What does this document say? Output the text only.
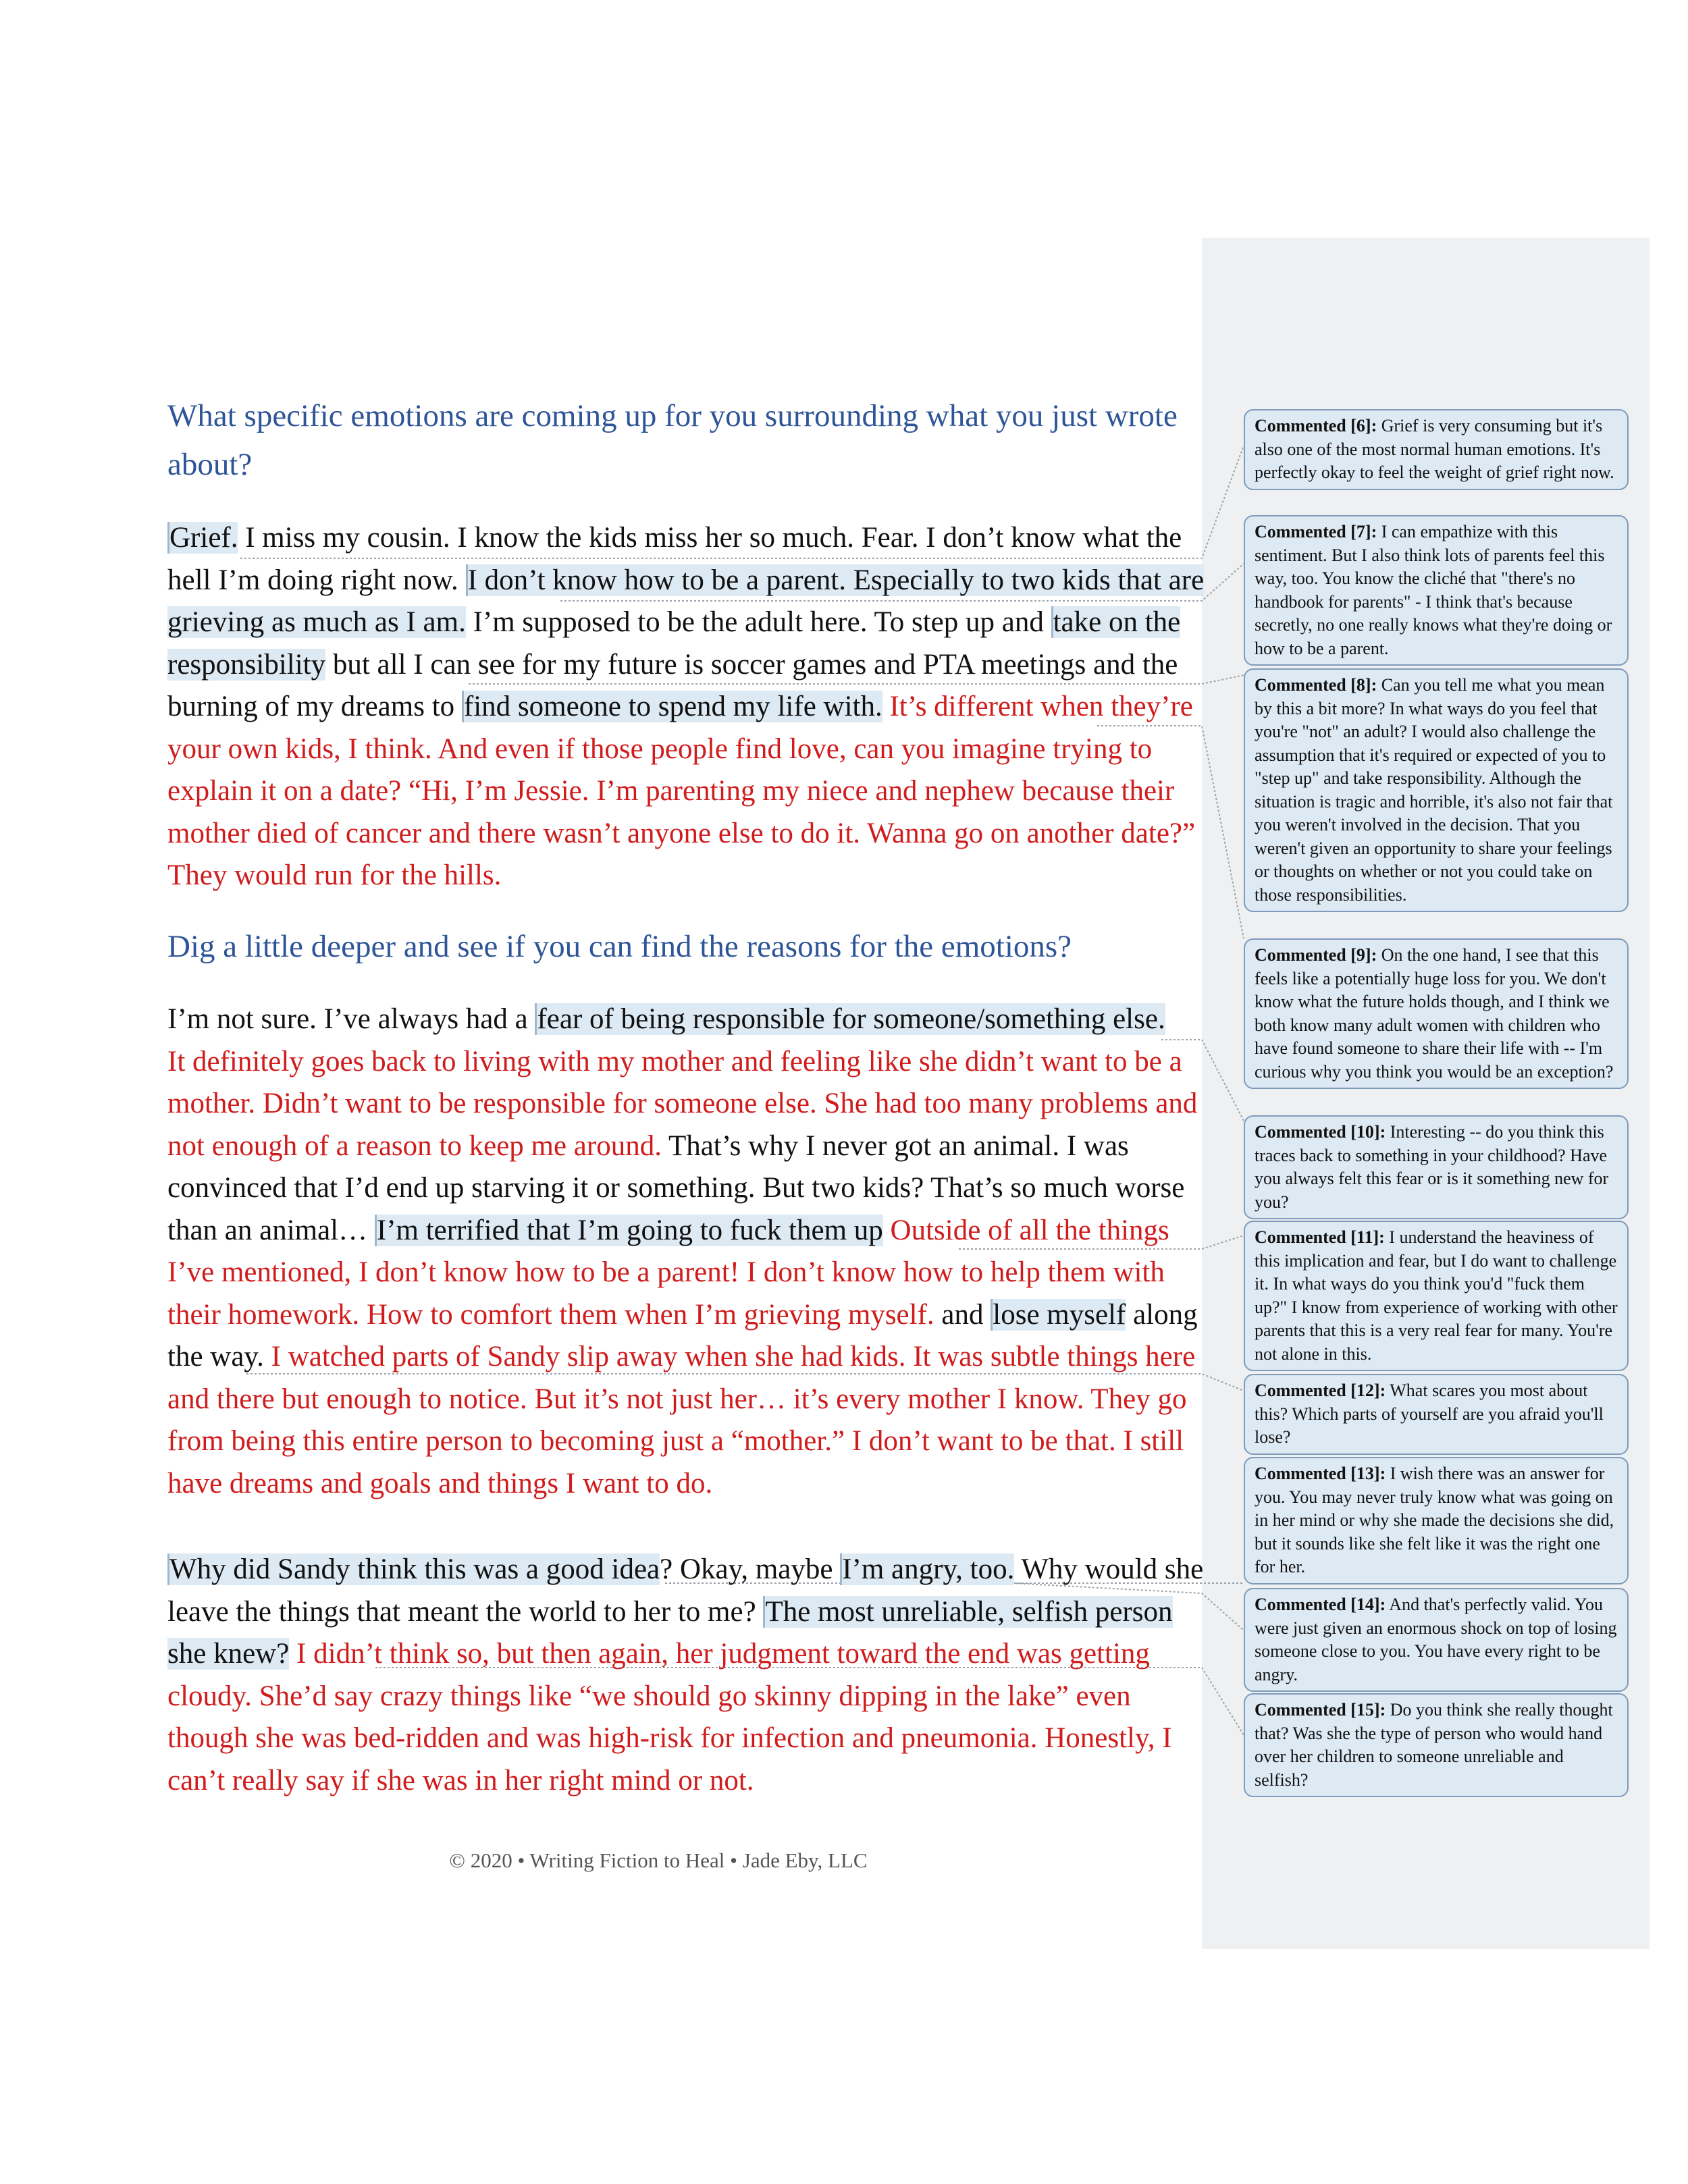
What specific emotions are coming up for you surrounding what you just wrote about?

Grief. I miss my cousin. I know the kids miss her so much. Fear. I don’t know what the hell I’m doing right now. I don’t know how to be a parent. Especially to two kids that are grieving as much as I am. I’m supposed to be the adult here. To step up and take on the responsibility but all I can see for my future is soccer games and PTA meetings and the burning of my dreams to find someone to spend my life with. It’s different when they’re your own kids, I think. And even if those people find love, can you imagine trying to explain it on a date? “Hi, I’m Jessie. I’m parenting my niece and nephew because their mother died of cancer and there wasn’t anyone else to do it. Wanna go on another date?” They would run for the hills.

Dig a little deeper and see if you can find the reasons for the emotions?

I’m not sure. I’ve always had a fear of being responsible for someone/something else.
It definitely goes back to living with my mother and feeling like she didn’t want to be a mother. Didn’t want to be responsible for someone else. She had too many problems and not enough of a reason to keep me around. That’s why I never got an animal. I was convinced that I’d end up starving it or something. But two kids? That’s so much worse than an animal… I’m terrified that I’m going to fuck them up Outside of all the things I’ve mentioned, I don’t know how to be a parent! I don’t know how to help them with their homework. How to comfort them when I’m grieving myself. and lose myself along the way. I watched parts of Sandy slip away when she had kids. It was subtle things here and there but enough to notice. But it’s not just her… it’s every mother I know. They go from being this entire person to becoming just a “mother.” I don’t want to be that. I still have dreams and goals and things I want to do.

Why did Sandy think this was a good idea? Okay, maybe I’m angry, too. Why would she leave the things that meant the world to her to me? The most unreliable, selfish person she knew? I didn’t think so, but then again, her judgment toward the end was getting cloudy. She’d say crazy things like “we should go skinny dipping in the lake” even though she was bed-ridden and was high-risk for infection and pneumonia. Honestly, I can’t really say if she was in her right mind or not.

© 2020 • Writing Fiction to Heal • Jade Eby, LLC
Commented [6]: Grief is very consuming but it's also one of the most normal human emotions. It's perfectly okay to feel the weight of grief right now.
Commented [7]: I can empathize with this sentiment. But I also think lots of parents feel this way, too. You know the cliché that "there's no handbook for parents" - I think that's because secretly, no one really knows what they're doing or how to be a parent.
Commented [8]: Can you tell me what you mean by this a bit more? In what ways do you feel that you're "not" an adult? I would also challenge the assumption that it's required or expected of you to "step up" and take responsibility. Although the situation is tragic and horrible, it's also not fair that you weren't involved in the decision. That you weren't given an opportunity to share your feelings or thoughts on whether or not you could take on those responsibilities.
Commented [9]: On the one hand, I see that this feels like a potentially huge loss for you. We don't know what the future holds though, and I think we both know many adult women with children who have found someone to share their life with -- I'm curious why you think you would be an exception?
Commented [10]: Interesting -- do you think this traces back to something in your childhood? Have you always felt this fear or is it something new for you?
Commented [11]: I understand the heaviness of this implication and fear, but I do want to challenge it. In what ways do you think you'd "fuck them up?" I know from experience of working with other parents that this is a very real fear for many. You're not alone in this.
Commented [12]: What scares you most about this? Which parts of yourself are you afraid you'll lose?
Commented [13]: I wish there was an answer for you. You may never truly know what was going on in her mind or why she made the decisions she did, but it sounds like she felt like it was the right one for her.
Commented [14]: And that's perfectly valid. You were just given an enormous shock on top of losing someone close to you. You have every right to be angry.
Commented [15]: Do you think she really thought that? Was she the type of person who would hand over her children to someone unreliable and selfish?
